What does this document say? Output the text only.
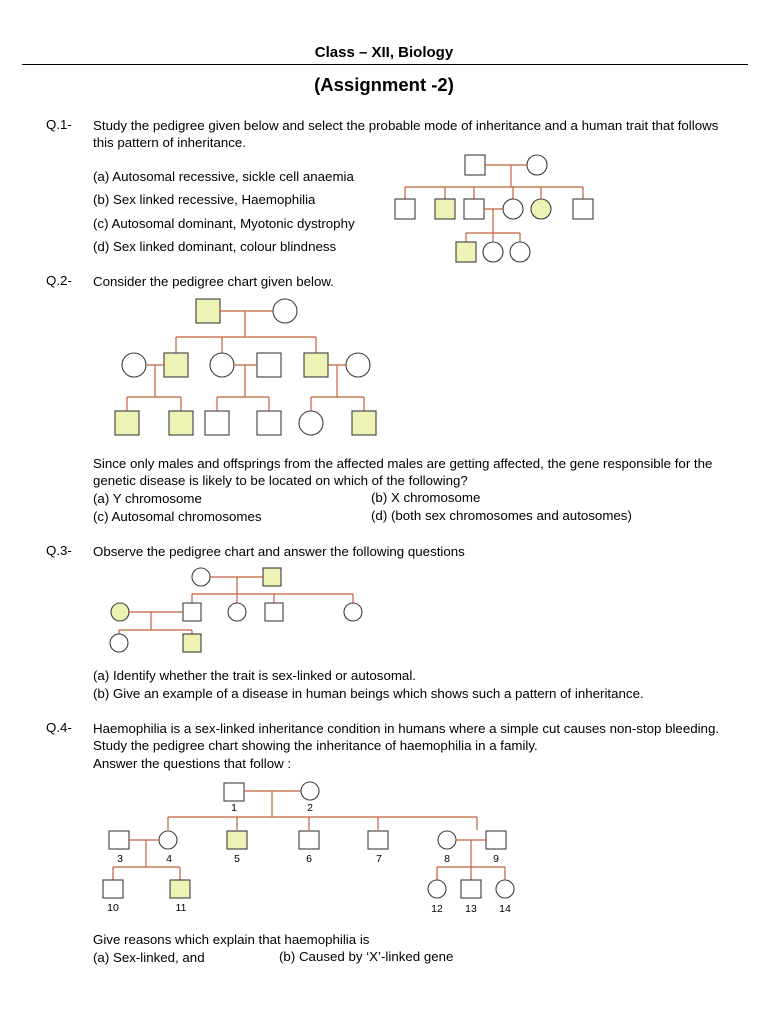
Class – XII, Biology
(Assignment -2)
Q.1- Study the pedigree given below and select the probable mode of inheritance and a human trait that follows this pattern of inheritance.
(a) Autosomal recessive, sickle cell anaemia
(b) Sex linked recessive, Haemophilia
(c) Autosomal dominant, Myotonic dystrophy
(d) Sex linked dominant, colour blindness
1	2
3	4	5	6	7	8	9
10	11	12 13 14
Q.2- Consider the pedigree chart given below.
Since only males and offsprings from the affected males are getting affected, the gene responsible for the genetic disease is likely to be located on which of the following?
(a) Y chromosome	(b) X chromosome
(c) Autosomal chromosomes	(d) (both sex chromosomes and autosomes)
Q.3- Observe the pedigree chart and answer the following questions
(a) Identify whether the trait is sex-linked or autosomal.
(b) Give an example of a disease in human beings which shows such a pattern of inheritance.
Q.4- Haemophilia is a sex-linked inheritance condition in humans where a simple cut causes non-stop bleeding. Study the pedigree chart showing the inheritance of haemophilia in a family.
Answer the questions that follow :
Give reasons which explain that haemophilia is
(a) Sex-linked, and	(b) Caused by ‘X’-linked gene
